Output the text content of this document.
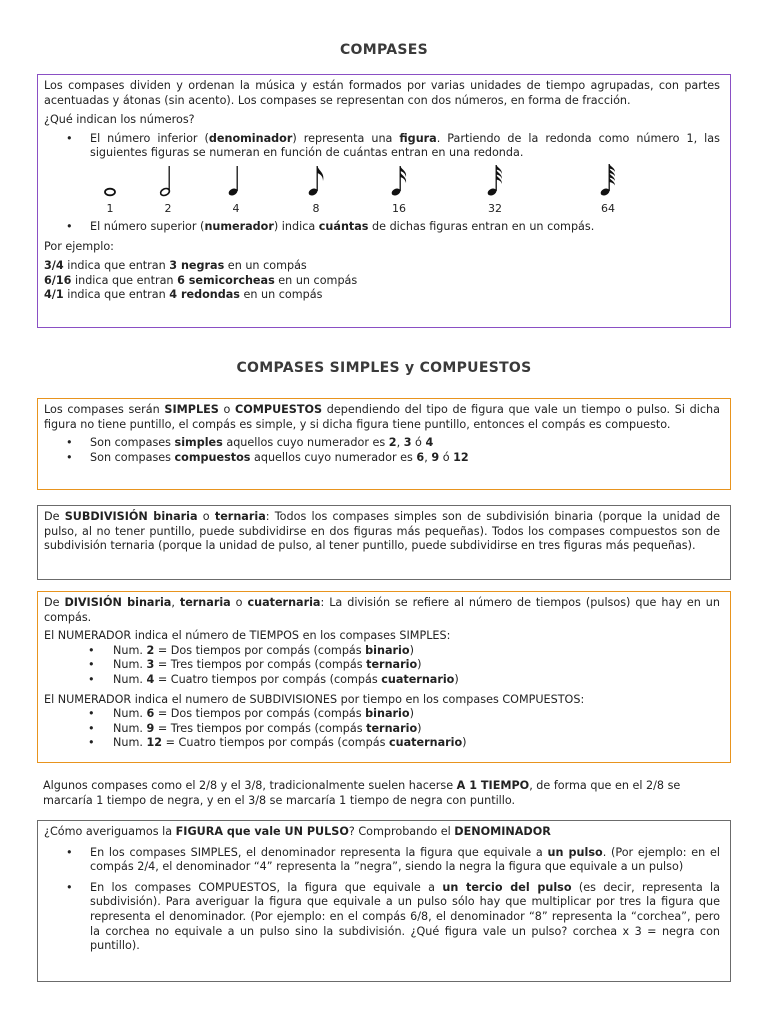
COMPASES

Los compases dividen y ordenan la música y están formados por varias unidades de tiempo agrupadas, con partes acentuadas y átonas (sin acento). Los compases se representan con dos números, en forma de fracción.

¿Qué indican los números?

• El número inferior (denominador) representa una figura. Partiendo de la redonda como número 1, las siguientes figuras se numeran en función de cuántas entran en una redonda.
1	2	4	8	16	32	64
• El número superior (numerador) indica cuántas de dichas figuras entran en un compás.

Por ejemplo:

3/4 indica que entran 3 negras en un compás

6/16 indica que entran 6 semicorcheas en un compás

4/1 indica que entran 4 redondas en un compás

COMPASES SIMPLES y COMPUESTOS

Los compases serán SIMPLES o COMPUESTOS dependiendo del tipo de figura que vale un tiempo o pulso. Si dicha figura no tiene puntillo, el compás es simple, y si dicha figura tiene puntillo, entonces el compás es compuesto.

• Son compases simples aquellos cuyo numerador es 2, 3 ó 4
• Son compases compuestos aquellos cuyo numerador es 6, 9 ó 12

De SUBDIVISIÓN binaria o ternaria: Todos los compases simples son de subdivisión binaria (porque la unidad de pulso, al no tener puntillo, puede subdividirse en dos figuras más pequeñas). Todos los compases compuestos son de subdivisión ternaria (porque la unidad de pulso, al tener puntillo, puede subdividirse en tres figuras más pequeñas).

De DIVISIÓN binaria, ternaria o cuaternaria: La división se refiere al número de tiempos (pulsos) que hay en un compás.

El NUMERADOR indica el número de TIEMPOS en los compases SIMPLES:

• Num. 2 = Dos tiempos por compás (compás binario)
• Num. 3 = Tres tiempos por compás (compás ternario)
• Num. 4 = Cuatro tiempos por compás (compás cuaternario)

El NUMERADOR indica el numero de SUBDIVISIONES por tiempo en los compases COMPUESTOS:

• Num. 6 = Dos tiempos por compás (compás binario)
• Num. 9 = Tres tiempos por compás (compás ternario)
• Num. 12 = Cuatro tiempos por compás (compás cuaternario)

Algunos compases como el 2/8 y el 3/8, tradicionalmente suelen hacerse A 1 TIEMPO, de forma que en el 2/8 se marcaría 1 tiempo de negra, y en el 3/8 se marcaría 1 tiempo de negra con puntillo.

¿Cómo averiguamos la FIGURA que vale UN PULSO? Comprobando el DENOMINADOR

• En los compases SIMPLES, el denominador representa la figura que equivale a un pulso. (Por ejemplo: en el compás 2/4, el denominador “4” representa la ”negra”, siendo la negra la figura que equivale a un pulso)
• En los compases COMPUESTOS, la figura que equivale a un tercio del pulso (es decir, representa la subdivisión). Para averiguar la figura que equivale a un pulso sólo hay que multiplicar por tres la figura que representa el denominador. (Por ejemplo: en el compás 6/8, el denominador “8” representa la “corchea”, pero la corchea no equivale a un pulso sino la subdivisión. ¿Qué figura vale un pulso? corchea x 3 = negra con puntillo).
